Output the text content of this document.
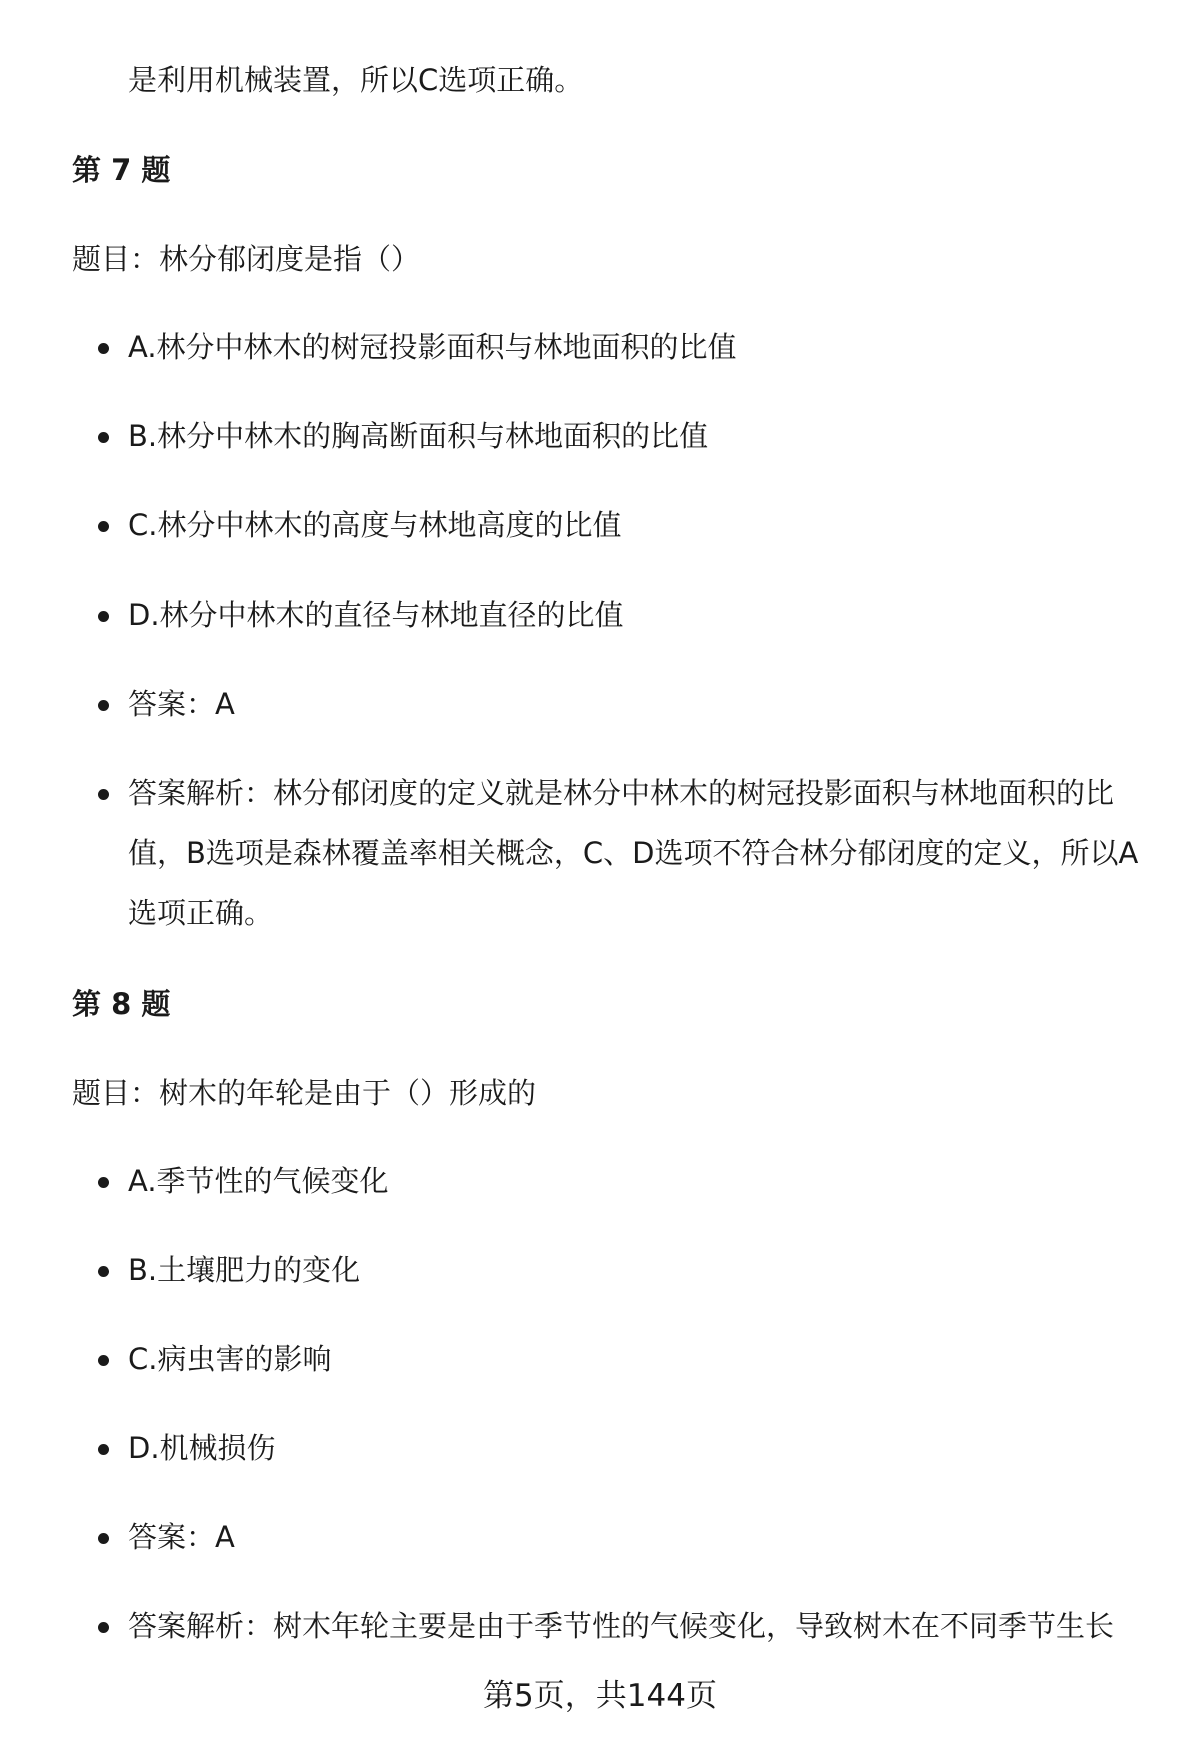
是利用机械装置，所以C选项正确。
第 7 题
题目：林分郁闭度是指（）
A.林分中林木的树冠投影面积与林地面积的比值
B.林分中林木的胸高断面积与林地面积的比值
C.林分中林木的高度与林地高度的比值
D.林分中林木的直径与林地直径的比值
答案：A
答案解析：林分郁闭度的定义就是林分中林木的树冠投影面积与林地面积的比值，B选项是森林覆盖率相关概念，C、D选项不符合林分郁闭度的定义，所以A选项正确。
第 8 题
题目：树木的年轮是由于（）形成的
A.季节性的气候变化
B.土壤肥力的变化
C.病虫害的影响
D.机械损伤
答案：A
答案解析：树木年轮主要是由于季节性的气候变化，导致树木在不同季节生长
第5页，共144页
